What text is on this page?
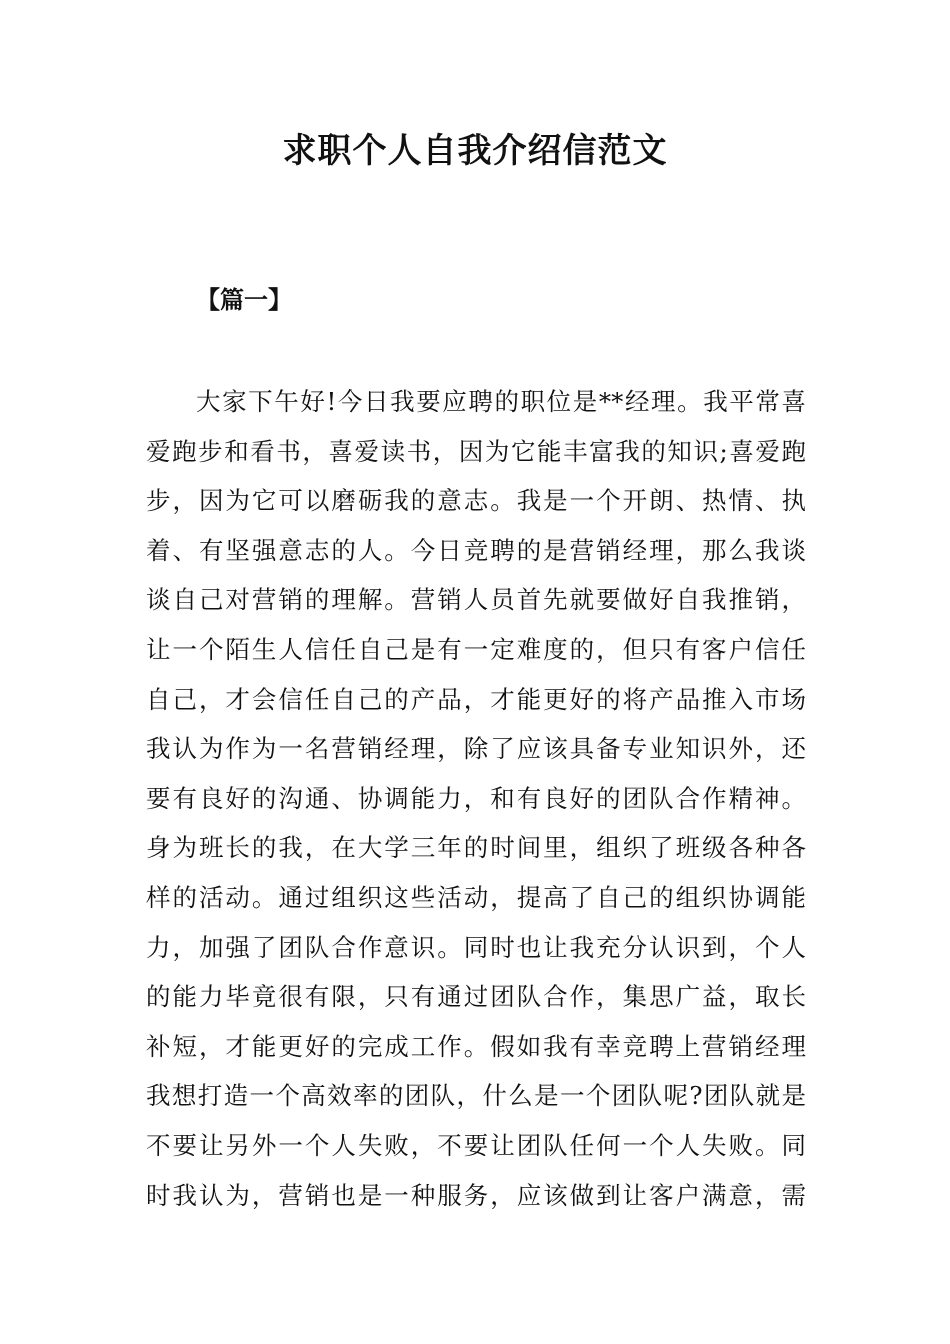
求职个人自我介绍信范文

【篇一】

大家下午好!今日我要应聘的职位是**经理。我平常喜
爱跑步和看书，喜爱读书，因为它能丰富我的知识;喜爱跑
步，因为它可以磨砺我的意志。我是一个开朗、热情、执
着、有坚强意志的人。今日竞聘的是营销经理，那么我谈
谈自己对营销的理解。营销人员首先就要做好自我推销，
让一个陌生人信任自己是有一定难度的，但只有客户信任
自己，才会信任自己的产品，才能更好的将产品推入市场
我认为作为一名营销经理，除了应该具备专业知识外，还
要有良好的沟通、协调能力，和有良好的团队合作精神。
身为班长的我，在大学三年的时间里，组织了班级各种各
样的活动。通过组织这些活动，提高了自己的组织协调能
力，加强了团队合作意识。同时也让我充分认识到，个人
的能力毕竟很有限，只有通过团队合作，集思广益，取长
补短，才能更好的完成工作。假如我有幸竞聘上营销经理
我想打造一个高效率的团队，什么是一个团队呢?团队就是
不要让另外一个人失败，不要让团队任何一个人失败。同
时我认为，营销也是一种服务，应该做到让客户满意，需
